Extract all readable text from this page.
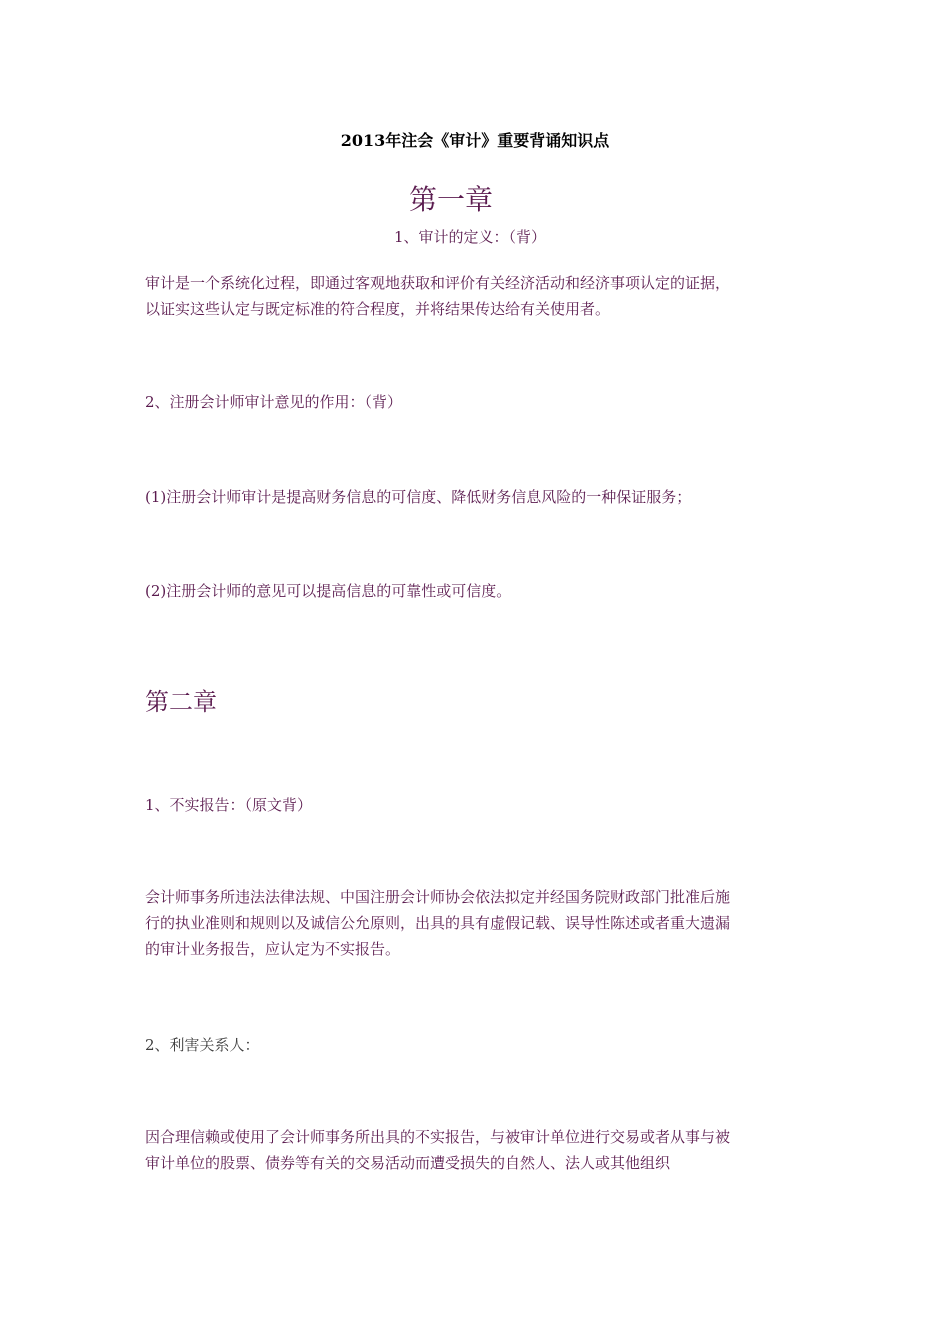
2013年注会《审计》重要背诵知识点
第一章
1、审计的定义：（背）
审计是一个系统化过程，即通过客观地获取和评价有关经济活动和经济事项认定的证据，
以证实这些认定与既定标准的符合程度，并将结果传达给有关使用者。
2、注册会计师审计意见的作用：（背）
(1)注册会计师审计是提高财务信息的可信度、降低财务信息风险的一种保证服务；
(2)注册会计师的意见可以提高信息的可靠性或可信度。
第二章
1、不实报告：（原文背）
会计师事务所违法法律法规、中国注册会计师协会依法拟定并经国务院财政部门批准后施
行的执业准则和规则以及诚信公允原则，出具的具有虚假记载、误导性陈述或者重大遗漏
的审计业务报告，应认定为不实报告。
2、利害关系人：
因合理信赖或使用了会计师事务所出具的不实报告，与被审计单位进行交易或者从事与被
审计单位的股票、债券等有关的交易活动而遭受损失的自然人、法人或其他组织
